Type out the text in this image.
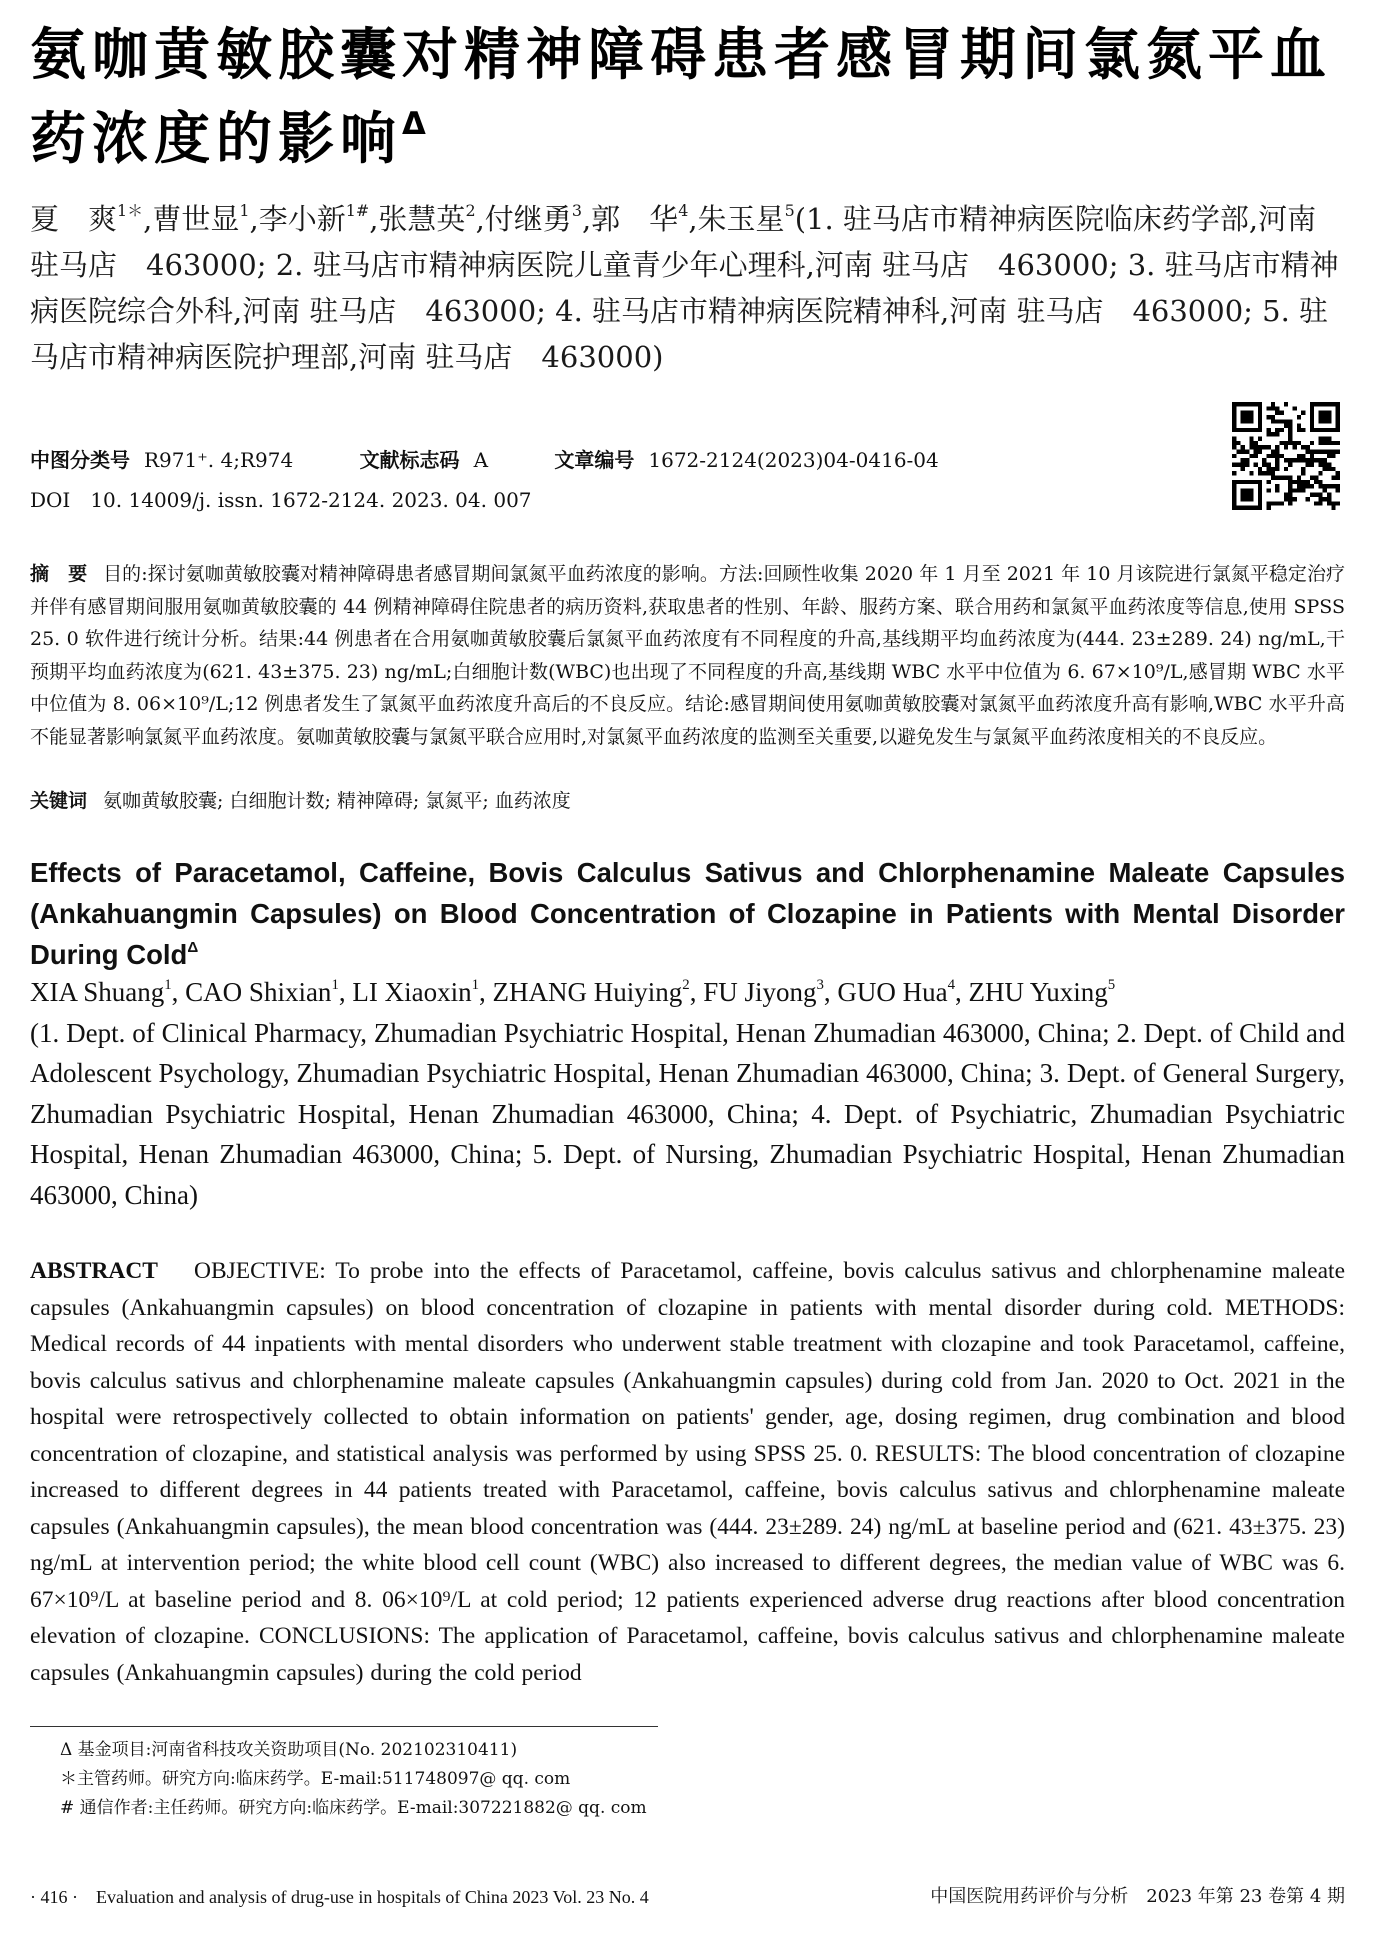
氨咖黄敏胶囊对精神障碍患者感冒期间氯氮平血药浓度的影响$^\Delta$
夏　爽$^{1*}$,曹世显$^1$,李小新$^{1\#}$,张慧英$^2$,付继勇$^3$,郭　华$^4$,朱玉星$^5$(1. 驻马店市精神病医院临床药学部,河南 驻马店　463000; 2. 驻马店市精神病医院儿童青少年心理科,河南 驻马店　463000; 3. 驻马店市精神病医院综合外科,河南 驻马店　463000; 4. 驻马店市精神病医院精神科,河南 驻马店　463000; 5. 驻马店市精神病医院护理部,河南 驻马店　463000)
中图分类号 R971⁺. 4;R974	文献标志码 A	文章编号 1672-2124(2023)04-0416-04
DOI　10. 14009/j. issn. 1672-2124. 2023. 04. 007
摘　要 目的:探讨氨咖黄敏胶囊对精神障碍患者感冒期间氯氮平血药浓度的影响。方法:回顾性收集 2020 年 1 月至 2021 年 10 月该院进行氯氮平稳定治疗并伴有感冒期间服用氨咖黄敏胶囊的 44 例精神障碍住院患者的病历资料,获取患者的性别、年龄、服药方案、联合用药和氯氮平血药浓度等信息,使用 SPSS 25. 0 软件进行统计分析。结果:44 例患者在合用氨咖黄敏胶囊后氯氮平血药浓度有不同程度的升高,基线期平均血药浓度为(444. 23±289. 24) ng/mL,干预期平均血药浓度为(621. 43±375. 23) ng/mL;白细胞计数(WBC)也出现了不同程度的升高,基线期 WBC 水平中位值为 6. 67×10⁹/L,感冒期 WBC 水平中位值为 8. 06×10⁹/L;12 例患者发生了氯氮平血药浓度升高后的不良反应。结论:感冒期间使用氨咖黄敏胶囊对氯氮平血药浓度升高有影响,WBC 水平升高不能显著影响氯氮平血药浓度。氨咖黄敏胶囊与氯氮平联合应用时,对氯氮平血药浓度的监测至关重要,以避免发生与氯氮平血药浓度相关的不良反应。
关键词 氨咖黄敏胶囊; 白细胞计数; 精神障碍; 氯氮平; 血药浓度
Effects of Paracetamol, Caffeine, Bovis Calculus Sativus and Chlorphenamine Maleate Capsules (Ankahuangmin Capsules) on Blood Concentration of Clozapine in Patients with Mental Disorder During Cold$^\Delta$
XIA Shuang$^1$, CAO Shixian$^1$, LI Xiaoxin$^1$, ZHANG Huiying$^2$, FU Jiyong$^3$, GUO Hua$^4$, ZHU Yuxing$^5$
(1. Dept. of Clinical Pharmacy, Zhumadian Psychiatric Hospital, Henan Zhumadian 463000, China; 2. Dept. of Child and Adolescent Psychology, Zhumadian Psychiatric Hospital, Henan Zhumadian 463000, China; 3. Dept. of General Surgery, Zhumadian Psychiatric Hospital, Henan Zhumadian 463000, China; 4. Dept. of Psychiatric, Zhumadian Psychiatric Hospital, Henan Zhumadian 463000, China; 5. Dept. of Nursing, Zhumadian Psychiatric Hospital, Henan Zhumadian 463000, China)
ABSTRACT OBJECTIVE: To probe into the effects of Paracetamol, caffeine, bovis calculus sativus and chlorphenamine maleate capsules (Ankahuangmin capsules) on blood concentration of clozapine in patients with mental disorder during cold. METHODS: Medical records of 44 inpatients with mental disorders who underwent stable treatment with clozapine and took Paracetamol, caffeine, bovis calculus sativus and chlorphenamine maleate capsules (Ankahuangmin capsules) during cold from Jan. 2020 to Oct. 2021 in the hospital were retrospectively collected to obtain information on patients' gender, age, dosing regimen, drug combination and blood concentration of clozapine, and statistical analysis was performed by using SPSS 25. 0. RESULTS: The blood concentration of clozapine increased to different degrees in 44 patients treated with Paracetamol, caffeine, bovis calculus sativus and chlorphenamine maleate capsules (Ankahuangmin capsules), the mean blood concentration was (444. 23±289. 24) ng/mL at baseline period and (621. 43±375. 23) ng/mL at intervention period; the white blood cell count (WBC) also increased to different degrees, the median value of WBC was 6. 67×10⁹/L at baseline period and 8. 06×10⁹/L at cold period; 12 patients experienced adverse drug reactions after blood concentration elevation of clozapine. CONCLUSIONS: The application of Paracetamol, caffeine, bovis calculus sativus and chlorphenamine maleate capsules (Ankahuangmin capsules) during the cold period
Δ 基金项目:河南省科技攻关资助项目(No. 202102310411)
＊主管药师。研究方向:临床药学。E-mail:511748097@ qq. com
# 通信作者:主任药师。研究方向:临床药学。E-mail:307221882@ qq. com
· 416 ·　Evaluation and analysis of drug-use in hospitals of China 2023 Vol. 23 No. 4	中国医院用药评价与分析　2023 年第 23 卷第 4 期
